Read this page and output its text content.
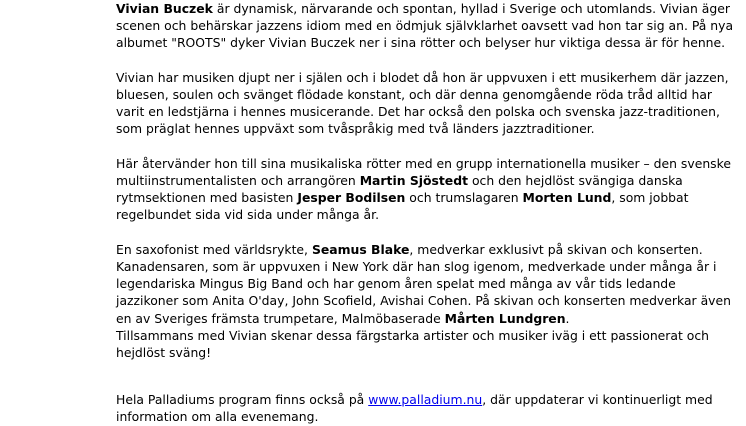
Vivian Buczek är dynamisk, närvarande och spontan, hyllad i Sverige och utomlands. Vivian äger scenen och behärskar jazzens idiom med en ödmjuk självklarhet oavsett vad hon tar sig an. På nya albumet "ROOTS" dyker Vivian Buczek ner i sina rötter och belyser hur viktiga dessa är för henne.

Vivian har musiken djupt ner i själen och i blodet då hon är uppvuxen i ett musikerhem där jazzen, bluesen, soulen och svänget flödade konstant, och där denna genomgående röda tråd alltid har varit en ledstjärna i hennes musicerande. Det har också den polska och svenska jazz-traditionen, som präglat hennes uppväxt som tvåspråkig med två länders jazztraditioner.

Här återvänder hon till sina musikaliska rötter med en grupp internationella musiker – den svenske multiinstrumentalisten och arrangören Martin Sjöstedt och den hejdlöst svängiga danska rytmsektionen med basisten Jesper Bodilsen och trumslagaren Morten Lund, som jobbat regelbundet sida vid sida under många år.

En saxofonist med världsrykte, Seamus Blake, medverkar exklusivt på skivan och konserten. Kanadensaren, som är uppvuxen i New York där han slog igenom, medverkade under många år i legendariska Mingus Big Band och har genom åren spelat med många av vår tids ledande jazzikoner som Anita O'day, John Scofield, Avishai Cohen. På skivan och konserten medverkar även en av Sveriges främsta trumpetare, Malmöbaserade Mårten Lundgren.

Tillsammans med Vivian skenar dessa färgstarka artister och musiker iväg i ett passionerat och hejdlöst sväng!

Hela Palladiums program finns också på www.palladium.nu, där uppdaterar vi kontinuerligt med information om alla evenemang.
